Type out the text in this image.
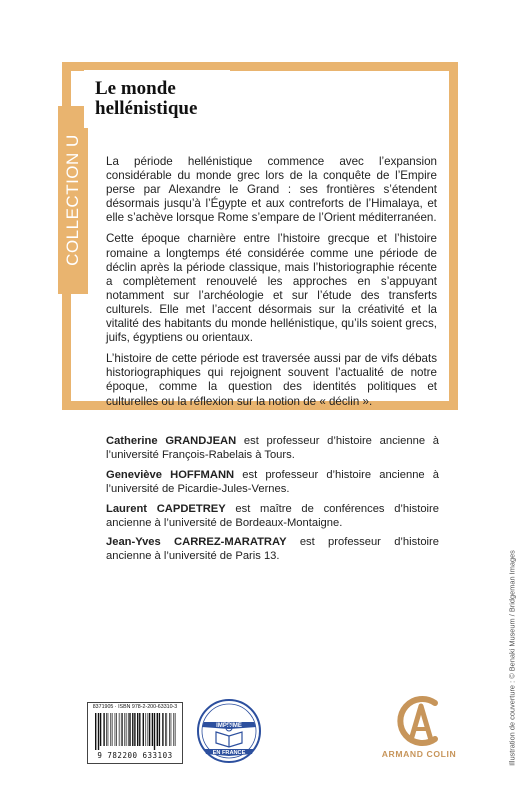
COLLECTION U
Le monde
hellénistique

La période hellénistique commence avec l’expansion considérable du monde grec lors de la conquête de l’Empire perse par Alexandre le Grand : ses frontières s’étendent désormais jusqu’à l’Égypte et aux contreforts de l’Himalaya, et elle s’achève lorsque Rome s’empare de l’Orient méditerranéen.

Cette époque charnière entre l’histoire grecque et l’histoire romaine a longtemps été considérée comme une période de déclin après la période classique, mais l’historiographie récente a complètement renouvelé les approches en s’appuyant notamment sur l’archéologie et sur l’étude des transferts culturels. Elle met l’accent désormais sur la créativité et la vitalité des habitants du monde hellénistique, qu’ils soient grecs, juifs, égyptiens ou orientaux.

L’histoire de cette période est traversée aussi par de vifs débats historiographiques qui rejoignent souvent l’actualité de notre époque, comme la question des identités politiques et culturelles ou la réflexion sur la notion de « déclin ».

Catherine GRANDJEAN est professeur d’histoire ancienne à l’université François-Rabelais à Tours.

Geneviève HOFFMANN est professeur d’histoire ancienne à l’université de Picardie-Jules-Vernes.

Laurent CAPDETREY est maître de conférences d’histoire ancienne à l’université de Bordeaux-Montaigne.

Jean-Yves CARREZ-MARATRAY est professeur d’histoire ancienne à l’université de Paris 13.	Illustration de couverture : © Benaki Museum / Bridgeman Images
8371905 · ISBN 978-2-200-63310-3
9 782200 633103
IMPRIMÉ
EN FRANCE	ARMAND COLIN
